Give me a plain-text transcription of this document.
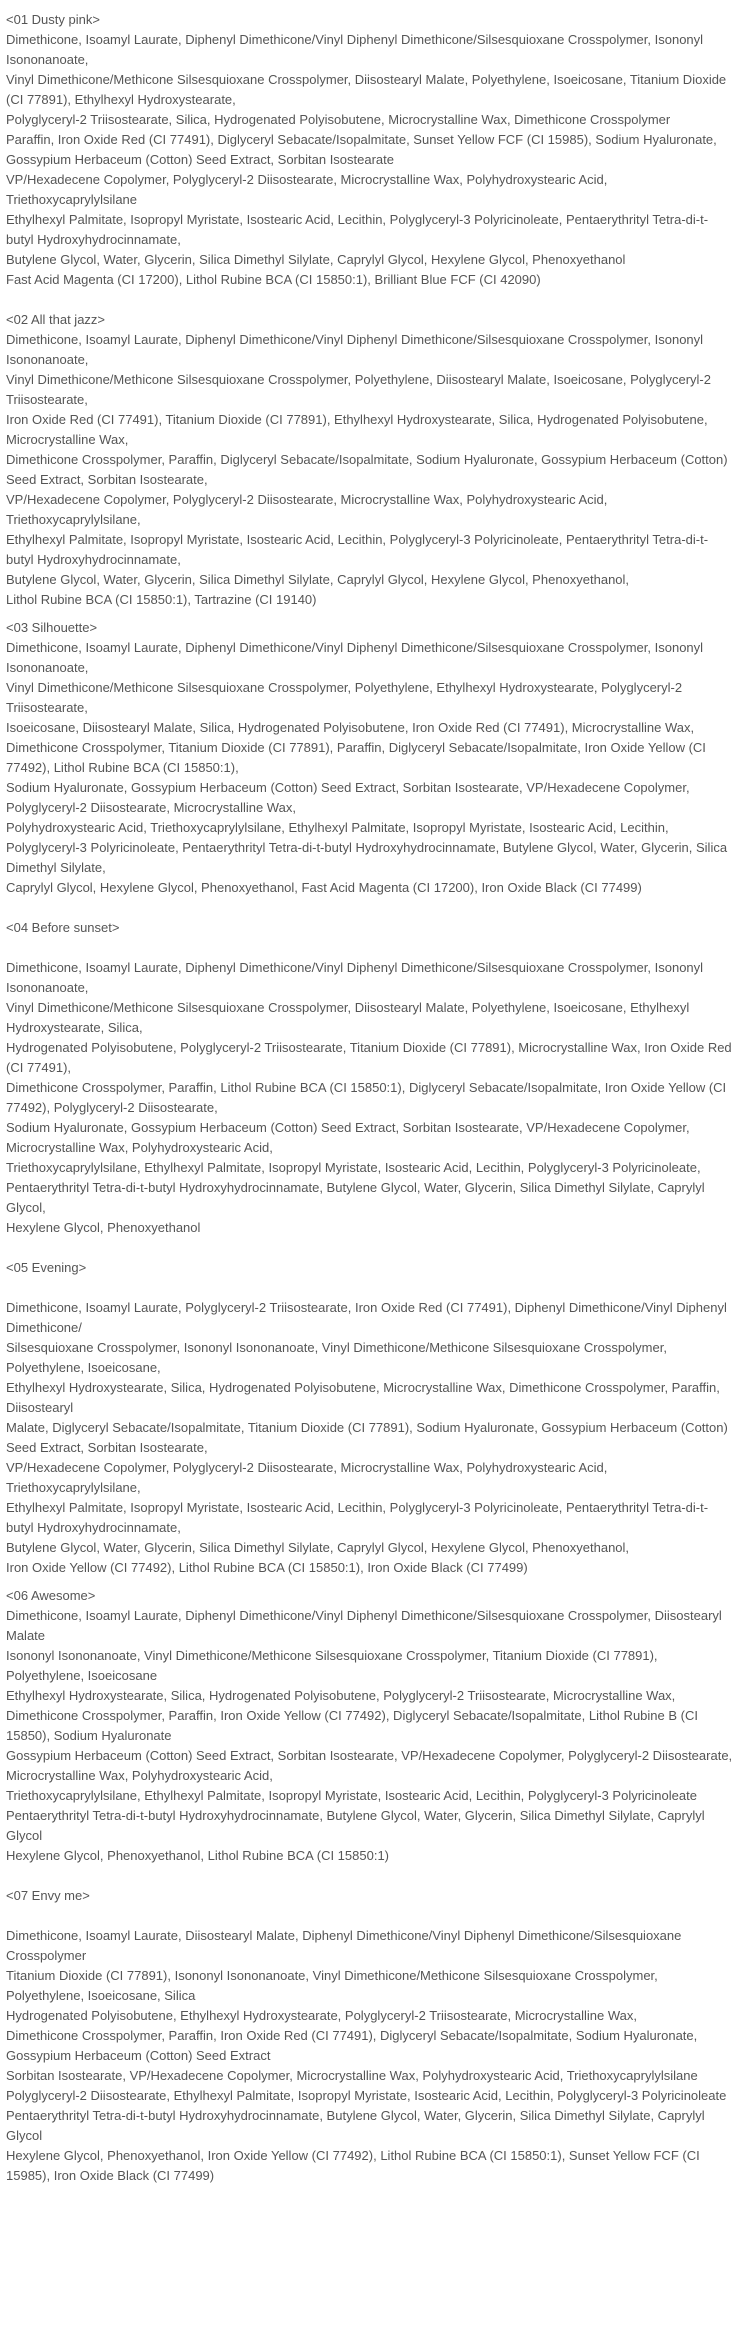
<01 Dusty pink>

Dimethicone, Isoamyl Laurate, Diphenyl Dimethicone/Vinyl Diphenyl Dimethicone/Silsesquioxane Crosspolymer, Isononyl Isononanoate,

Vinyl Dimethicone/Methicone Silsesquioxane Crosspolymer, Diisostearyl Malate, Polyethylene, Isoeicosane, Titanium Dioxide (CI 77891), Ethylhexyl Hydroxystearate,

Polyglyceryl-2 Triisostearate, Silica, Hydrogenated Polyisobutene, Microcrystalline Wax, Dimethicone Crosspolymer

Paraffin, Iron Oxide Red (CI 77491), Diglyceryl Sebacate/Isopalmitate, Sunset Yellow FCF (CI 15985), Sodium Hyaluronate, Gossypium Herbaceum (Cotton) Seed Extract, Sorbitan Isostearate

VP/Hexadecene Copolymer, Polyglyceryl-2 Diisostearate, Microcrystalline Wax, Polyhydroxystearic Acid, Triethoxycaprylylsilane

Ethylhexyl Palmitate, Isopropyl Myristate, Isostearic Acid, Lecithin, Polyglyceryl-3 Polyricinoleate, Pentaerythrityl Tetra-di-t-butyl Hydroxyhydrocinnamate,

Butylene Glycol, Water, Glycerin, Silica Dimethyl Silylate, Caprylyl Glycol, Hexylene Glycol, Phenoxyethanol

Fast Acid Magenta (CI 17200), Lithol Rubine BCA (CI 15850:1), Brilliant Blue FCF (CI 42090)

<02 All that jazz>

Dimethicone, Isoamyl Laurate, Diphenyl Dimethicone/Vinyl Diphenyl Dimethicone/Silsesquioxane Crosspolymer, Isononyl Isononanoate,

Vinyl Dimethicone/Methicone Silsesquioxane Crosspolymer, Polyethylene, Diisostearyl Malate, Isoeicosane, Polyglyceryl-2 Triisostearate,

Iron Oxide Red (CI 77491), Titanium Dioxide (CI 77891), Ethylhexyl Hydroxystearate, Silica, Hydrogenated Polyisobutene, Microcrystalline Wax,

Dimethicone Crosspolymer, Paraffin, Diglyceryl Sebacate/Isopalmitate, Sodium Hyaluronate, Gossypium Herbaceum (Cotton) Seed Extract, Sorbitan Isostearate,

VP/Hexadecene Copolymer, Polyglyceryl-2 Diisostearate, Microcrystalline Wax, Polyhydroxystearic Acid, Triethoxycaprylylsilane,

Ethylhexyl Palmitate, Isopropyl Myristate, Isostearic Acid, Lecithin, Polyglyceryl-3 Polyricinoleate, Pentaerythrityl Tetra-di-t-butyl Hydroxyhydrocinnamate,

Butylene Glycol, Water, Glycerin, Silica Dimethyl Silylate, Caprylyl Glycol, Hexylene Glycol, Phenoxyethanol,

Lithol Rubine BCA (CI 15850:1), Tartrazine (CI 19140)

<03 Silhouette>

Dimethicone, Isoamyl Laurate, Diphenyl Dimethicone/Vinyl Diphenyl Dimethicone/Silsesquioxane Crosspolymer, Isononyl Isononanoate,

Vinyl Dimethicone/Methicone Silsesquioxane Crosspolymer, Polyethylene, Ethylhexyl Hydroxystearate, Polyglyceryl-2 Triisostearate,

Isoeicosane, Diisostearyl Malate, Silica, Hydrogenated Polyisobutene, Iron Oxide Red (CI 77491), Microcrystalline Wax,

Dimethicone Crosspolymer, Titanium Dioxide (CI 77891), Paraffin, Diglyceryl Sebacate/Isopalmitate, Iron Oxide Yellow (CI 77492), Lithol Rubine BCA (CI 15850:1),

Sodium Hyaluronate, Gossypium Herbaceum (Cotton) Seed Extract, Sorbitan Isostearate, VP/Hexadecene Copolymer, Polyglyceryl-2 Diisostearate, Microcrystalline Wax,

Polyhydroxystearic Acid, Triethoxycaprylylsilane, Ethylhexyl Palmitate, Isopropyl Myristate, Isostearic Acid, Lecithin,

Polyglyceryl-3 Polyricinoleate, Pentaerythrityl Tetra-di-t-butyl Hydroxyhydrocinnamate, Butylene Glycol, Water, Glycerin, Silica Dimethyl Silylate,

Caprylyl Glycol, Hexylene Glycol, Phenoxyethanol, Fast Acid Magenta (CI 17200), Iron Oxide Black (CI 77499)

<04 Before sunset>

Dimethicone, Isoamyl Laurate, Diphenyl Dimethicone/Vinyl Diphenyl Dimethicone/Silsesquioxane Crosspolymer, Isononyl Isononanoate,

Vinyl Dimethicone/Methicone Silsesquioxane Crosspolymer, Diisostearyl Malate, Polyethylene, Isoeicosane, Ethylhexyl Hydroxystearate, Silica,

Hydrogenated Polyisobutene, Polyglyceryl-2 Triisostearate, Titanium Dioxide (CI 77891), Microcrystalline Wax, Iron Oxide Red (CI 77491),

Dimethicone Crosspolymer, Paraffin, Lithol Rubine BCA (CI 15850:1), Diglyceryl Sebacate/Isopalmitate, Iron Oxide Yellow (CI 77492), Polyglyceryl-2 Diisostearate,

Sodium Hyaluronate, Gossypium Herbaceum (Cotton) Seed Extract, Sorbitan Isostearate, VP/Hexadecene Copolymer, Microcrystalline Wax, Polyhydroxystearic Acid,

Triethoxycaprylylsilane, Ethylhexyl Palmitate, Isopropyl Myristate, Isostearic Acid, Lecithin, Polyglyceryl-3 Polyricinoleate,

Pentaerythrityl Tetra-di-t-butyl Hydroxyhydrocinnamate, Butylene Glycol, Water, Glycerin, Silica Dimethyl Silylate, Caprylyl Glycol,

Hexylene Glycol, Phenoxyethanol

<05 Evening>

Dimethicone, Isoamyl Laurate, Polyglyceryl-2 Triisostearate, Iron Oxide Red (CI 77491), Diphenyl Dimethicone/Vinyl Diphenyl Dimethicone/

Silsesquioxane Crosspolymer, Isononyl Isononanoate, Vinyl Dimethicone/Methicone Silsesquioxane Crosspolymer, Polyethylene, Isoeicosane,

Ethylhexyl Hydroxystearate, Silica, Hydrogenated Polyisobutene, Microcrystalline Wax, Dimethicone Crosspolymer, Paraffin, Diisostearyl

Malate, Diglyceryl Sebacate/Isopalmitate, Titanium Dioxide (CI 77891), Sodium Hyaluronate, Gossypium Herbaceum (Cotton) Seed Extract, Sorbitan Isostearate,

VP/Hexadecene Copolymer, Polyglyceryl-2 Diisostearate, Microcrystalline Wax, Polyhydroxystearic Acid, Triethoxycaprylylsilane,

Ethylhexyl Palmitate, Isopropyl Myristate, Isostearic Acid, Lecithin, Polyglyceryl-3 Polyricinoleate, Pentaerythrityl Tetra-di-t-butyl Hydroxyhydrocinnamate,

Butylene Glycol, Water, Glycerin, Silica Dimethyl Silylate, Caprylyl Glycol, Hexylene Glycol, Phenoxyethanol,

Iron Oxide Yellow (CI 77492), Lithol Rubine BCA (CI 15850:1), Iron Oxide Black (CI 77499)

<06 Awesome>

Dimethicone, Isoamyl Laurate, Diphenyl Dimethicone/Vinyl Diphenyl Dimethicone/Silsesquioxane Crosspolymer, Diisostearyl Malate

Isononyl Isononanoate, Vinyl Dimethicone/Methicone Silsesquioxane Crosspolymer, Titanium Dioxide (CI 77891), Polyethylene, Isoeicosane

Ethylhexyl Hydroxystearate, Silica, Hydrogenated Polyisobutene, Polyglyceryl-2 Triisostearate, Microcrystalline Wax,

Dimethicone Crosspolymer, Paraffin, Iron Oxide Yellow (CI 77492), Diglyceryl Sebacate/Isopalmitate, Lithol Rubine B (CI 15850), Sodium Hyaluronate

Gossypium Herbaceum (Cotton) Seed Extract, Sorbitan Isostearate, VP/Hexadecene Copolymer, Polyglyceryl-2 Diisostearate, Microcrystalline Wax, Polyhydroxystearic Acid,

Triethoxycaprylylsilane, Ethylhexyl Palmitate, Isopropyl Myristate, Isostearic Acid, Lecithin, Polyglyceryl-3 Polyricinoleate

Pentaerythrityl Tetra-di-t-butyl Hydroxyhydrocinnamate, Butylene Glycol, Water, Glycerin, Silica Dimethyl Silylate, Caprylyl Glycol

Hexylene Glycol, Phenoxyethanol, Lithol Rubine BCA (CI 15850:1)

<07 Envy me>

Dimethicone, Isoamyl Laurate, Diisostearyl Malate, Diphenyl Dimethicone/Vinyl Diphenyl Dimethicone/Silsesquioxane Crosspolymer

Titanium Dioxide (CI 77891), Isononyl Isononanoate, Vinyl Dimethicone/Methicone Silsesquioxane Crosspolymer, Polyethylene, Isoeicosane, Silica

Hydrogenated Polyisobutene, Ethylhexyl Hydroxystearate, Polyglyceryl-2 Triisostearate, Microcrystalline Wax,

Dimethicone Crosspolymer, Paraffin, Iron Oxide Red (CI 77491), Diglyceryl Sebacate/Isopalmitate, Sodium Hyaluronate, Gossypium Herbaceum (Cotton) Seed Extract

Sorbitan Isostearate, VP/Hexadecene Copolymer, Microcrystalline Wax, Polyhydroxystearic Acid, Triethoxycaprylylsilane

Polyglyceryl-2 Diisostearate, Ethylhexyl Palmitate, Isopropyl Myristate, Isostearic Acid, Lecithin, Polyglyceryl-3 Polyricinoleate

Pentaerythrityl Tetra-di-t-butyl Hydroxyhydrocinnamate, Butylene Glycol, Water, Glycerin, Silica Dimethyl Silylate, Caprylyl Glycol

Hexylene Glycol, Phenoxyethanol, Iron Oxide Yellow (CI 77492), Lithol Rubine BCA (CI 15850:1), Sunset Yellow FCF (CI 15985), Iron Oxide Black (CI 77499)
